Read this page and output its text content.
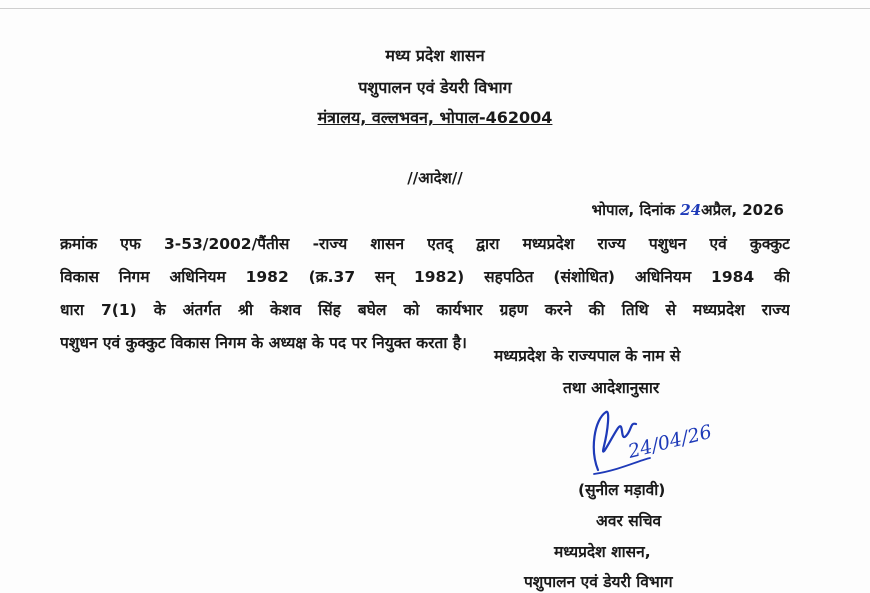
मध्य प्रदेश शासन
पशुपालन एवं डेयरी विभाग
मंत्रालय, वल्लभवन, भोपाल-462004
//आदेश//
भोपाल, दिनांक 24अप्रैल, 2026
क्रमांक एफ 3-53/2002/पैंतीस -राज्य शासन एतद् द्वारा मध्यप्रदेश राज्य पशुधन एवं कुक्कुट
विकास निगम अधिनियम 1982 (क्र.37 सन् 1982) सहपठित (संशोधित) अधिनियम 1984 की
धारा 7(1) के अंतर्गत श्री केशव सिंह बघेल को कार्यभार ग्रहण करने की तिथि से मध्यप्रदेश राज्य
पशुधन एवं कुक्कुट विकास निगम के अध्यक्ष के पद पर नियुक्त करता है।
मध्यप्रदेश के राज्यपाल के नाम से
तथा आदेशानुसार
24/04/26
(सुनील मड़ावी)
अवर सचिव
मध्यप्रदेश शासन,
पशुपालन एवं डेयरी विभाग
